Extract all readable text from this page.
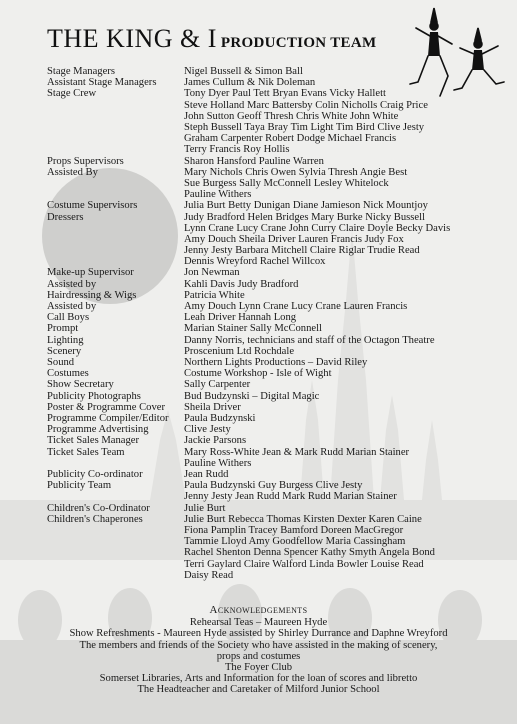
THE KING & I PRODUCTION TEAM
Stage Managers	Nigel Bussell & Simon Ball
Assistant Stage Managers	James Cullum & Nik Doleman
Stage Crew	Tony Dyer Paul Tett Bryan Evans Vicky Hallett
Steve Holland Marc Battersby Colin Nicholls Craig Price
John Sutton Geoff Thresh Chris White John White
Steph Bussell Taya Bray Tim Light Tim Bird Clive Jesty
Graham Carpenter Robert Dodge Michael Francis
Terry Francis Roy Hollis
Props Supervisors	Sharon Hansford Pauline Warren
Assisted By	Mary Nichols Chris Owen Sylvia Thresh Angie Best
Sue Burgess Sally McConnell Lesley Whitelock
Pauline Withers
Costume Supervisors	Julia Burt Betty Dunigan Diane Jamieson Nick Mountjoy
Dressers	Judy Bradford Helen Bridges Mary Burke Nicky Bussell
Lynn Crane Lucy Crane John Curry Claire Doyle Becky Davis
Amy Douch Sheila Driver Lauren Francis Judy Fox
Jenny Jesty Barbara Mitchell Claire Riglar Trudie Read
Dennis Wreyford Rachel Willcox
Make-up Supervisor	Jon Newman
Assisted by	Kahli Davis Judy Bradford
Hairdressing & Wigs	Patricia White
Assisted by	Amy Douch Lynn Crane Lucy Crane Lauren Francis
Call Boys	Leah Driver Hannah Long
Prompt	Marian Stainer Sally McConnell
Lighting	Danny Norris, technicians and staff of the Octagon Theatre
Scenery	Proscenium Ltd Rochdale
Sound	Northern Lights Productions – David Riley
Costumes	Costume Workshop - Isle of Wight
Show Secretary	Sally Carpenter
Publicity Photographs	Bud Budzynski – Digital Magic
Poster & Programme Cover	Sheila Driver
Programme Compiler/Editor	Paula Budzynski
Programme Advertising	Clive Jesty
Ticket Sales Manager	Jackie Parsons
Ticket Sales Team	Mary Ross-White Jean & Mark Rudd Marian Stainer
Pauline Withers
Publicity Co-ordinator	Jean Rudd
Publicity Team	Paula Budzynski Guy Burgess Clive Jesty
Jenny Jesty Jean Rudd Mark Rudd Marian Stainer
Children's Co-Ordinator	Julie Burt
Children's Chaperones	Julie Burt Rebecca Thomas Kirsten Dexter Karen Caine
Fiona Pamplin Tracey Bamford Doreen MacGregor
Tammie Lloyd Amy Goodfellow Maria Cassingham
Rachel Shenton Denna Spencer Kathy Smyth Angela Bond
Terri Gaylard Claire Walford Linda Bowler Louise Read
Daisy Read
Acknowledgements
Rehearsal Teas – Maureen Hyde
Show Refreshments - Maureen Hyde assisted by Shirley Durrance and Daphne Wreyford
The members and friends of the Society who have assisted in the making of scenery,
props and costumes
The Foyer Club
Somerset Libraries, Arts and Information for the loan of scores and libretto
The Headteacher and Caretaker of Milford Junior School
